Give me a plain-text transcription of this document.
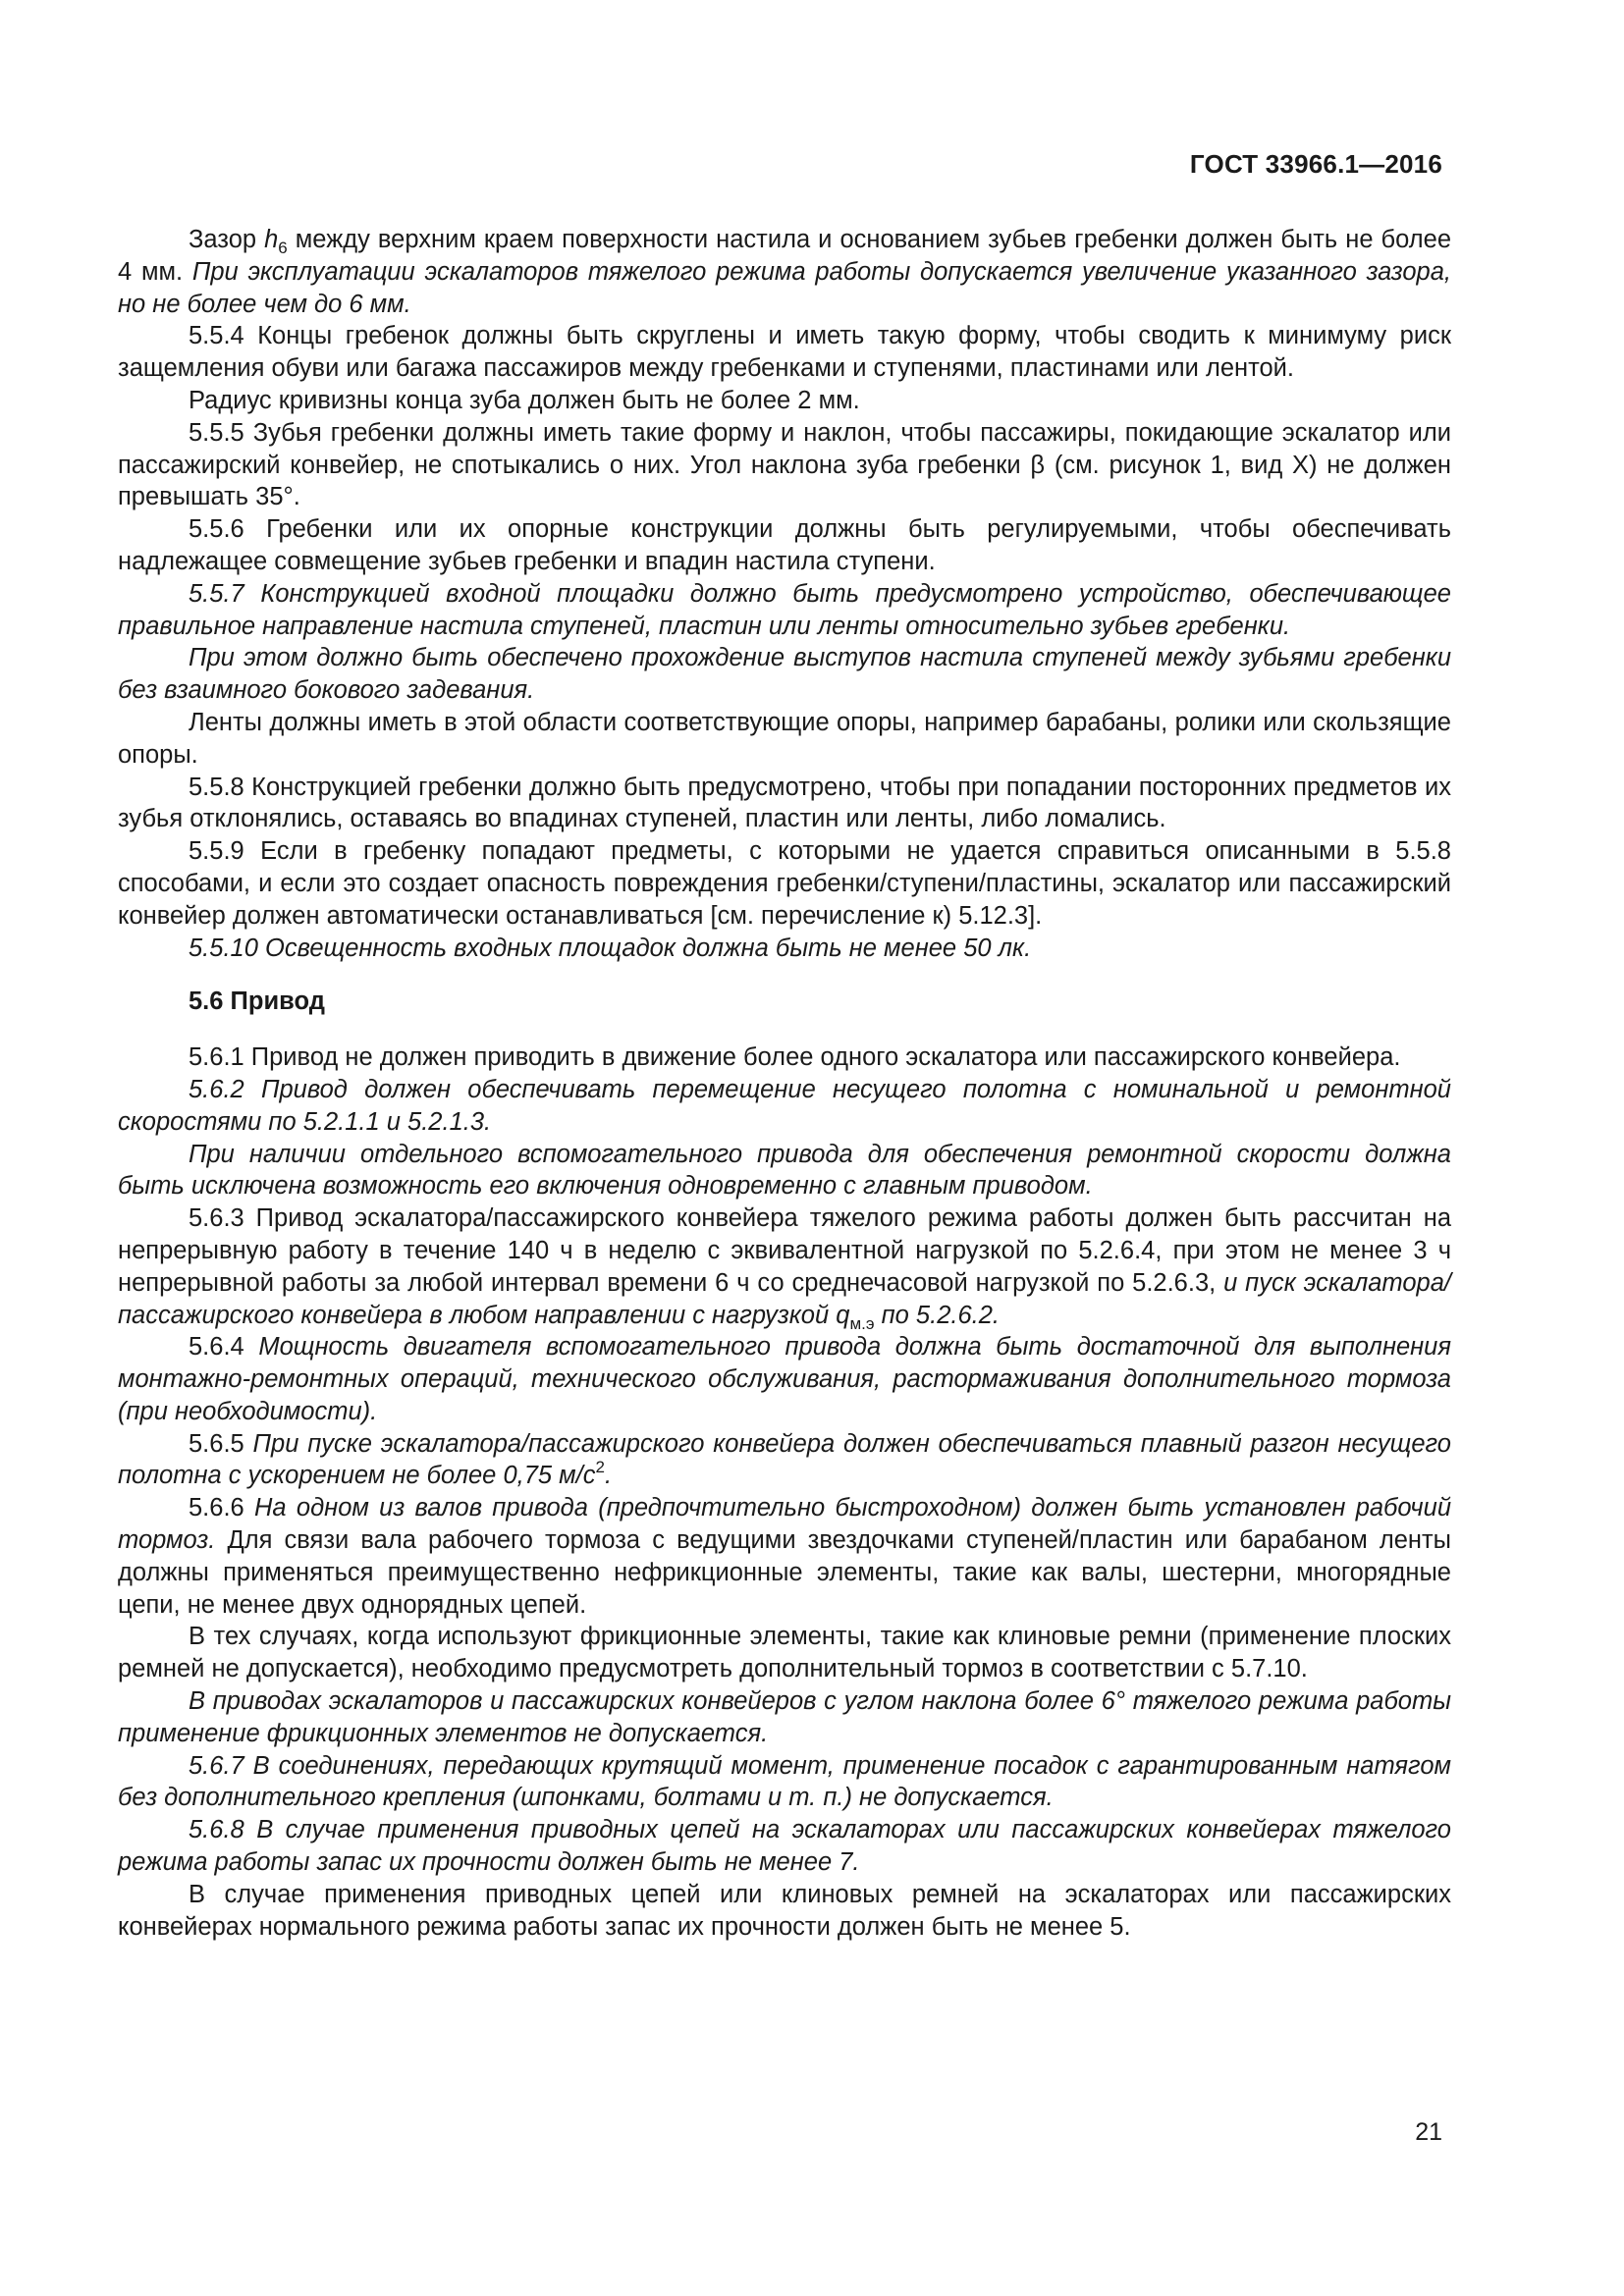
ГОСТ 33966.1—2016

Зазор $h_6$ между верхним краем поверхности настила и основанием зубьев гребенки должен быть не более 4 мм. При эксплуатации эскалаторов тяжелого режима работы допускается увеличение указанного зазора, но не более чем до 6 мм.

5.5.4 Концы гребенок должны быть скруглены и иметь такую форму, чтобы сводить к минимуму риск защемления обуви или багажа пассажиров между гребенками и ступенями, пластинами или лентой.

Радиус кривизны конца зуба должен быть не более 2 мм.

5.5.5 Зубья гребенки должны иметь такие форму и наклон, чтобы пассажиры, покидающие эскалатор или пассажирский конвейер, не спотыкались о них. Угол наклона зуба гребенки β (см. рисунок 1, вид X) не должен превышать 35°.

5.5.6 Гребенки или их опорные конструкции должны быть регулируемыми, чтобы обеспечивать надлежащее совмещение зубьев гребенки и впадин настила ступени.

5.5.7 Конструкцией входной площадки должно быть предусмотрено устройство, обеспечивающее правильное направление настила ступеней, пластин или ленты относительно зубьев гребенки.

При этом должно быть обеспечено прохождение выступов настила ступеней между зубьями гребенки без взаимного бокового задевания.

Ленты должны иметь в этой области соответствующие опоры, например барабаны, ролики или скользящие опоры.

5.5.8 Конструкцией гребенки должно быть предусмотрено, чтобы при попадании посторонних предметов их зубья отклонялись, оставаясь во впадинах ступеней, пластин или ленты, либо ломались.

5.5.9 Если в гребенку попадают предметы, с которыми не удается справиться описанными в 5.5.8 способами, и если это создает опасность повреждения гребенки/ступени/пластины, эскалатор или пассажирский конвейер должен автоматически останавливаться [см. перечисление к) 5.12.3].

5.5.10 Освещенность входных площадок должна быть не менее 50 лк.

5.6 Привод

5.6.1 Привод не должен приводить в движение более одного эскалатора или пассажирского конвейера.

5.6.2 Привод должен обеспечивать перемещение несущего полотна с номинальной и ремонтной скоростями по 5.2.1.1 и 5.2.1.3.

При наличии отдельного вспомогательного привода для обеспечения ремонтной скорости должна быть исключена возможность его включения одновременно с главным приводом.

5.6.3 Привод эскалатора/пассажирского конвейера тяжелого режима работы должен быть рассчитан на непрерывную работу в течение 140 ч в неделю с эквивалентной нагрузкой по 5.2.6.4, при этом не менее 3 ч непрерывной работы за любой интервал времени 6 ч со среднечасовой нагрузкой по 5.2.6.3, и пуск эскалатора/пассажирского конвейера в любом направлении с нагрузкой $q_{м.э}$ по 5.2.6.2.

5.6.4 Мощность двигателя вспомогательного привода должна быть достаточной для выполнения монтажно-ремонтных операций, технического обслуживания, растормаживания дополнительного тормоза (при необходимости).

5.6.5 При пуске эскалатора/пассажирского конвейера должен обеспечиваться плавный разгон несущего полотна с ускорением не более 0,75 $м/с^2$.

5.6.6 На одном из валов привода (предпочтительно быстроходном) должен быть установлен рабочий тормоз. Для связи вала рабочего тормоза с ведущими звездочками ступеней/пластин или барабаном ленты должны применяться преимущественно нефрикционные элементы, такие как валы, шестерни, многорядные цепи, не менее двух однорядных цепей.

В тех случаях, когда используют фрикционные элементы, такие как клиновые ремни (применение плоских ремней не допускается), необходимо предусмотреть дополнительный тормоз в соответствии с 5.7.10.

В приводах эскалаторов и пассажирских конвейеров с углом наклона более 6° тяжелого режима работы применение фрикционных элементов не допускается.

5.6.7 В соединениях, передающих крутящий момент, применение посадок с гарантированным натягом без дополнительного крепления (шпонками, болтами и т. п.) не допускается.

5.6.8 В случае применения приводных цепей на эскалаторах или пассажирских конвейерах тяжелого режима работы запас их прочности должен быть не менее 7.

В случае применения приводных цепей или клиновых ремней на эскалаторах или пассажирских конвейерах нормального режима работы запас их прочности должен быть не менее 5.

21
